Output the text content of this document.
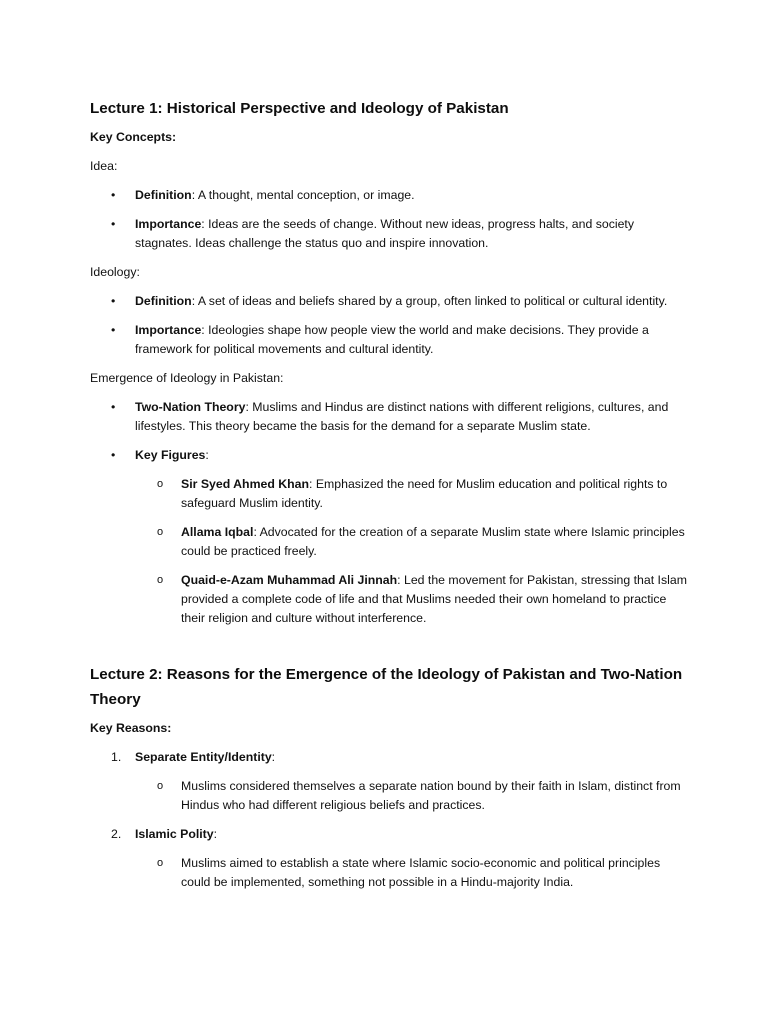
Lecture 1: Historical Perspective and Ideology of Pakistan

Key Concepts:

Idea:

• Definition: A thought, mental conception, or image.
• Importance: Ideas are the seeds of change. Without new ideas, progress halts, and society stagnates. Ideas challenge the status quo and inspire innovation.

Ideology:

• Definition: A set of ideas and beliefs shared by a group, often linked to political or cultural identity.
• Importance: Ideologies shape how people view the world and make decisions. They provide a framework for political movements and cultural identity.

Emergence of Ideology in Pakistan:

• Two-Nation Theory: Muslims and Hindus are distinct nations with different religions, cultures, and lifestyles. This theory became the basis for the demand for a separate Muslim state.
• Key Figures:
o Sir Syed Ahmed Khan: Emphasized the need for Muslim education and political rights to safeguard Muslim identity.
o Allama Iqbal: Advocated for the creation of a separate Muslim state where Islamic principles could be practiced freely.
o Quaid-e-Azam Muhammad Ali Jinnah: Led the movement for Pakistan, stressing that Islam provided a complete code of life and that Muslims needed their own homeland to practice their religion and culture without interference.
Lecture 2: Reasons for the Emergence of the Ideology of Pakistan and Two-Nation Theory

Key Reasons:

1. Separate Entity/Identity:
o Muslims considered themselves a separate nation bound by their faith in Islam, distinct from Hindus who had different religious beliefs and practices.
2. Islamic Polity:
o Muslims aimed to establish a state where Islamic socio-economic and political principles could be implemented, something not possible in a Hindu-majority India.
